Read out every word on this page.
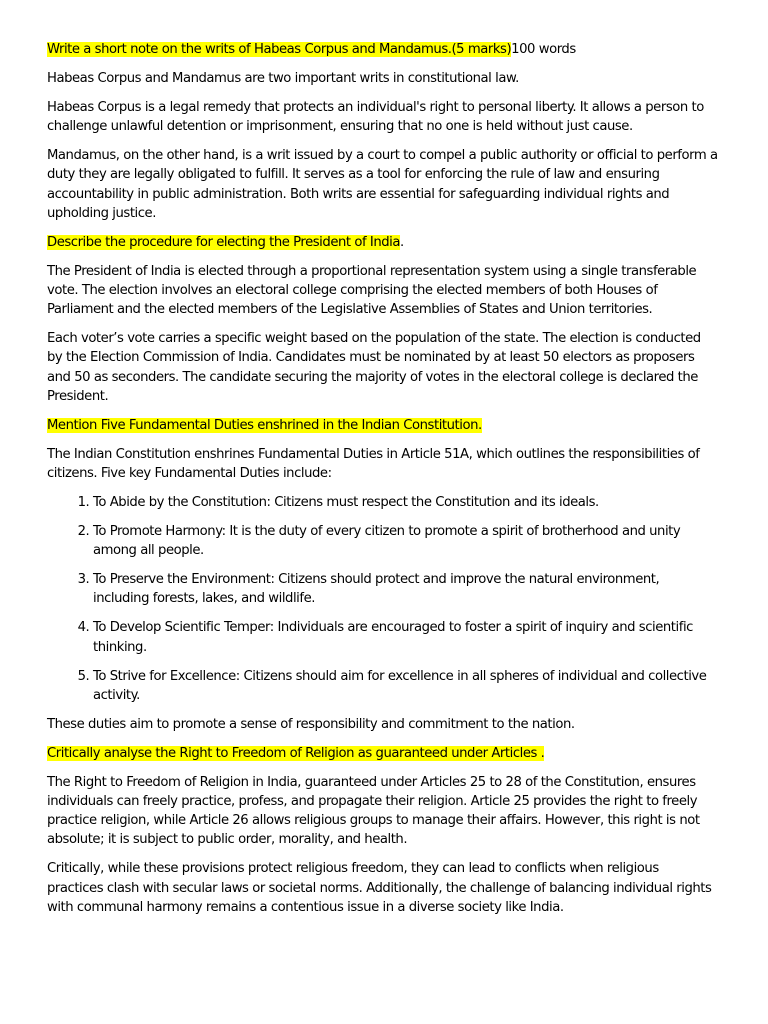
Write a short note on the writs of Habeas Corpus and Mandamus.(5 marks)100 words

Habeas Corpus and Mandamus are two important writs in constitutional law.

Habeas Corpus is a legal remedy that protects an individual's right to personal liberty. It allows a person to challenge unlawful detention or imprisonment, ensuring that no one is held without just cause.

Mandamus, on the other hand, is a writ issued by a court to compel a public authority or official to perform a duty they are legally obligated to fulfill. It serves as a tool for enforcing the rule of law and ensuring accountability in public administration. Both writs are essential for safeguarding individual rights and upholding justice.

Describe the procedure for electing the President of India.

The President of India is elected through a proportional representation system using a single transferable vote. The election involves an electoral college comprising the elected members of both Houses of Parliament and the elected members of the Legislative Assemblies of States and Union territories.

Each voter’s vote carries a specific weight based on the population of the state. The election is conducted by the Election Commission of India. Candidates must be nominated by at least 50 electors as proposers and 50 as seconders. The candidate securing the majority of votes in the electoral college is declared the President.

Mention Five Fundamental Duties enshrined in the Indian Constitution.

The Indian Constitution enshrines Fundamental Duties in Article 51A, which outlines the responsibilities of citizens. Five key Fundamental Duties include:

1. To Abide by the Constitution: Citizens must respect the Constitution and its ideals.
2. To Promote Harmony: It is the duty of every citizen to promote a spirit of brotherhood and unity among all people.
3. To Preserve the Environment: Citizens should protect and improve the natural environment, including forests, lakes, and wildlife.
4. To Develop Scientific Temper: Individuals are encouraged to foster a spirit of inquiry and scientific thinking.
5. To Strive for Excellence: Citizens should aim for excellence in all spheres of individual and collective activity.

These duties aim to promote a sense of responsibility and commitment to the nation.

Critically analyse the Right to Freedom of Religion as guaranteed under Articles .

The Right to Freedom of Religion in India, guaranteed under Articles 25 to 28 of the Constitution, ensures individuals can freely practice, profess, and propagate their religion. Article 25 provides the right to freely practice religion, while Article 26 allows religious groups to manage their affairs. However, this right is not absolute; it is subject to public order, morality, and health.

Critically, while these provisions protect religious freedom, they can lead to conflicts when religious practices clash with secular laws or societal norms. Additionally, the challenge of balancing individual rights with communal harmony remains a contentious issue in a diverse society like India.
